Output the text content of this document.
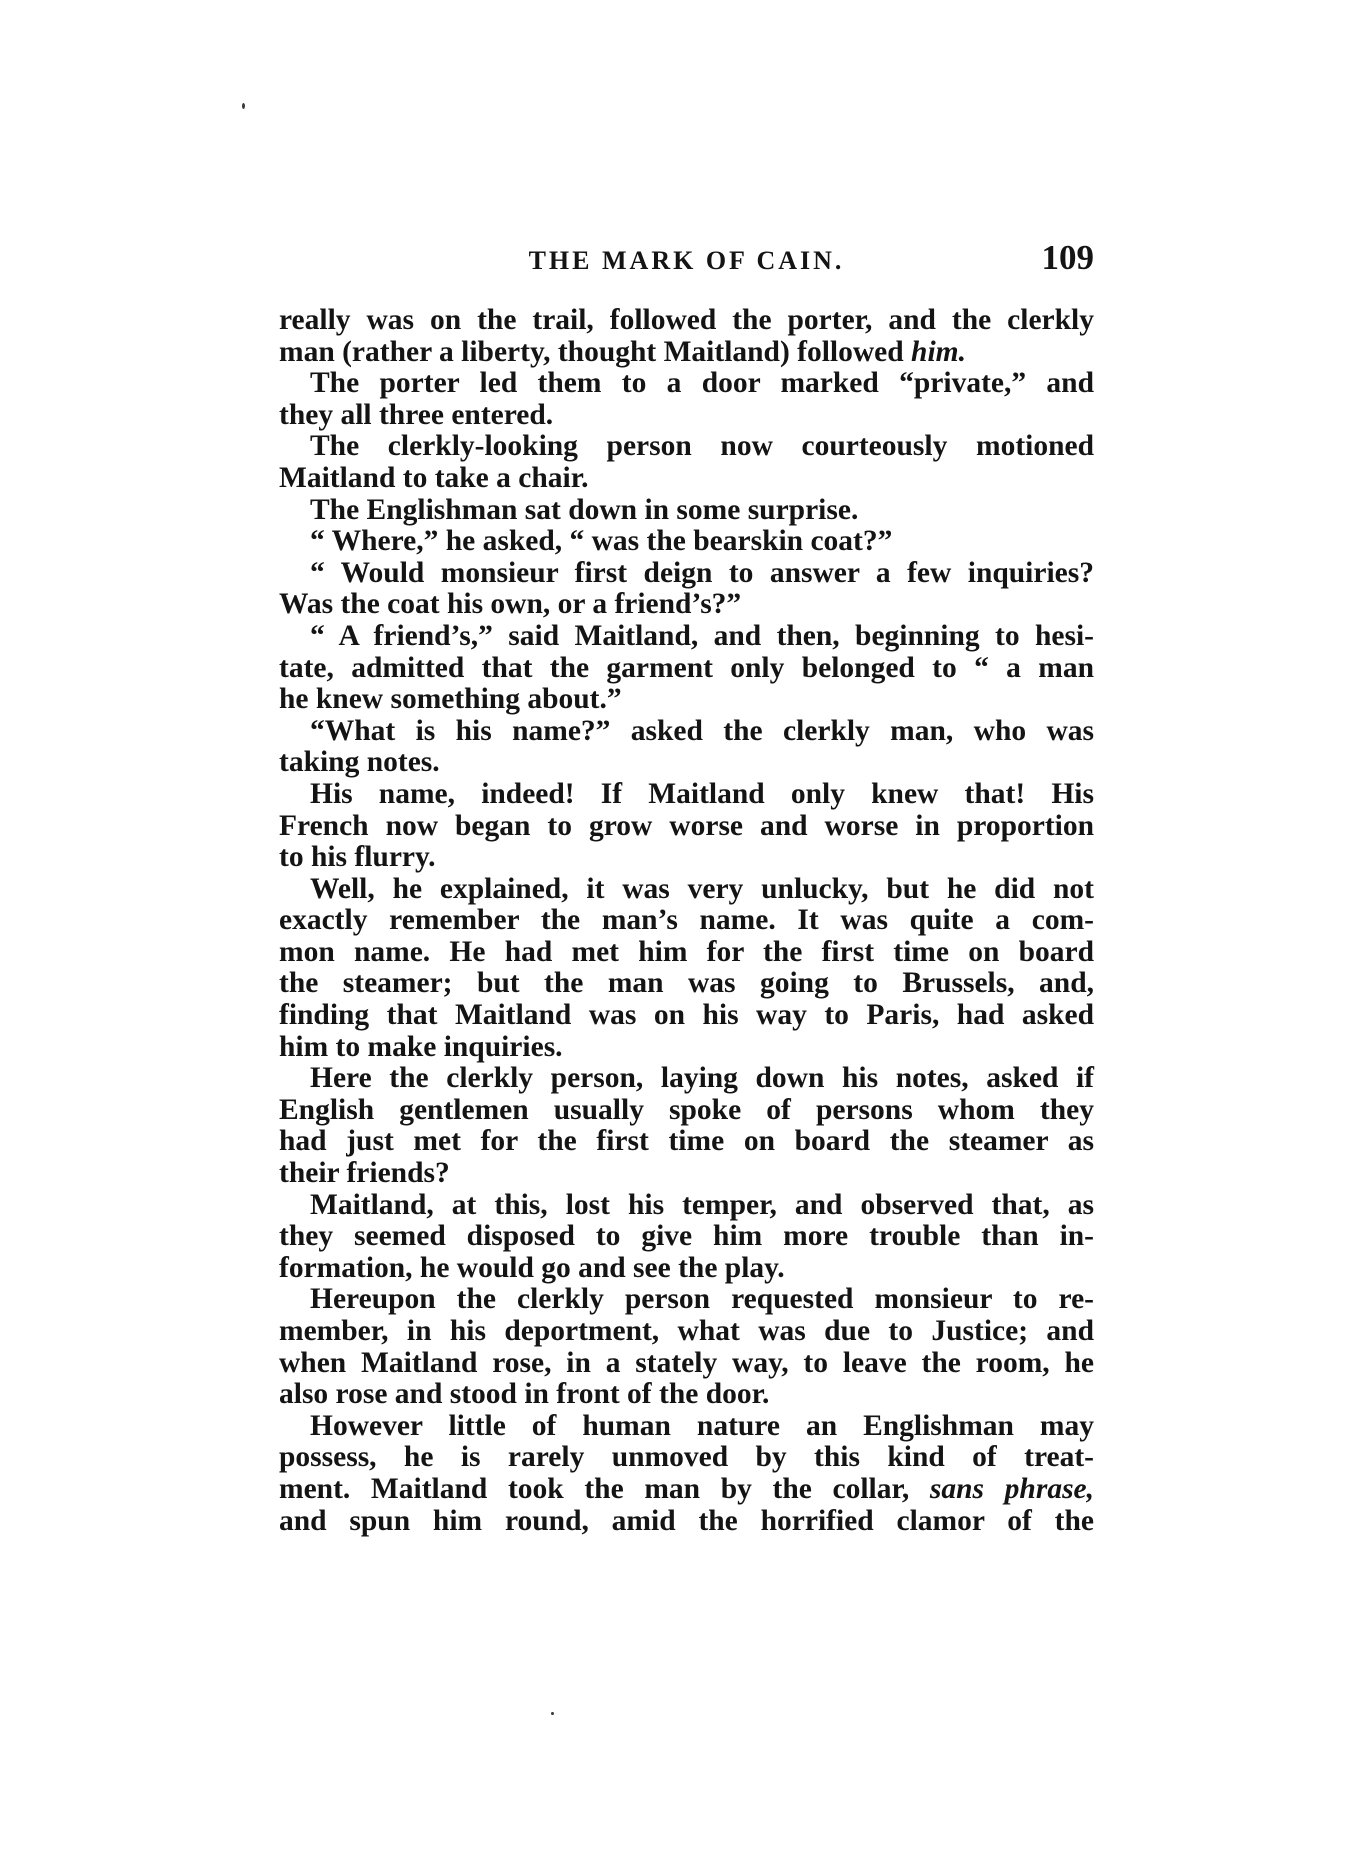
THE MARK OF CAIN.	109
really was on the trail, followed the porter, and the clerkly
man (rather a liberty, thought Maitland) followed him.
The porter led them to a door marked “private,” and
they all three entered.
The clerkly-looking person now courteously motioned
Maitland to take a chair.
The Englishman sat down in some surprise.
“ Where,” he asked, “ was the bearskin coat?”
“ Would monsieur first deign to answer a few inquiries?
Was the coat his own, or a friend’s?”
“ A friend’s,” said Maitland, and then, beginning to hesi-
tate, admitted that the garment only belonged to “ a man
he knew something about.”
“What is his name?” asked the clerkly man, who was
taking notes.
His name, indeed! If Maitland only knew that! His
French now began to grow worse and worse in proportion
to his flurry.
Well, he explained, it was very unlucky, but he did not
exactly remember the man’s name. It was quite a com-
mon name. He had met him for the first time on board
the steamer; but the man was going to Brussels, and,
finding that Maitland was on his way to Paris, had asked
him to make inquiries.
Here the clerkly person, laying down his notes, asked if
English gentlemen usually spoke of persons whom they
had just met for the first time on board the steamer as
their friends?
Maitland, at this, lost his temper, and observed that, as
they seemed disposed to give him more trouble than in-
formation, he would go and see the play.
Hereupon the clerkly person requested monsieur to re-
member, in his deportment, what was due to Justice; and
when Maitland rose, in a stately way, to leave the room, he
also rose and stood in front of the door.
However little of human nature an Englishman may
possess, he is rarely unmoved by this kind of treat-
ment. Maitland took the man by the collar, sans phrase,
and spun him round, amid the horrified clamor of the
